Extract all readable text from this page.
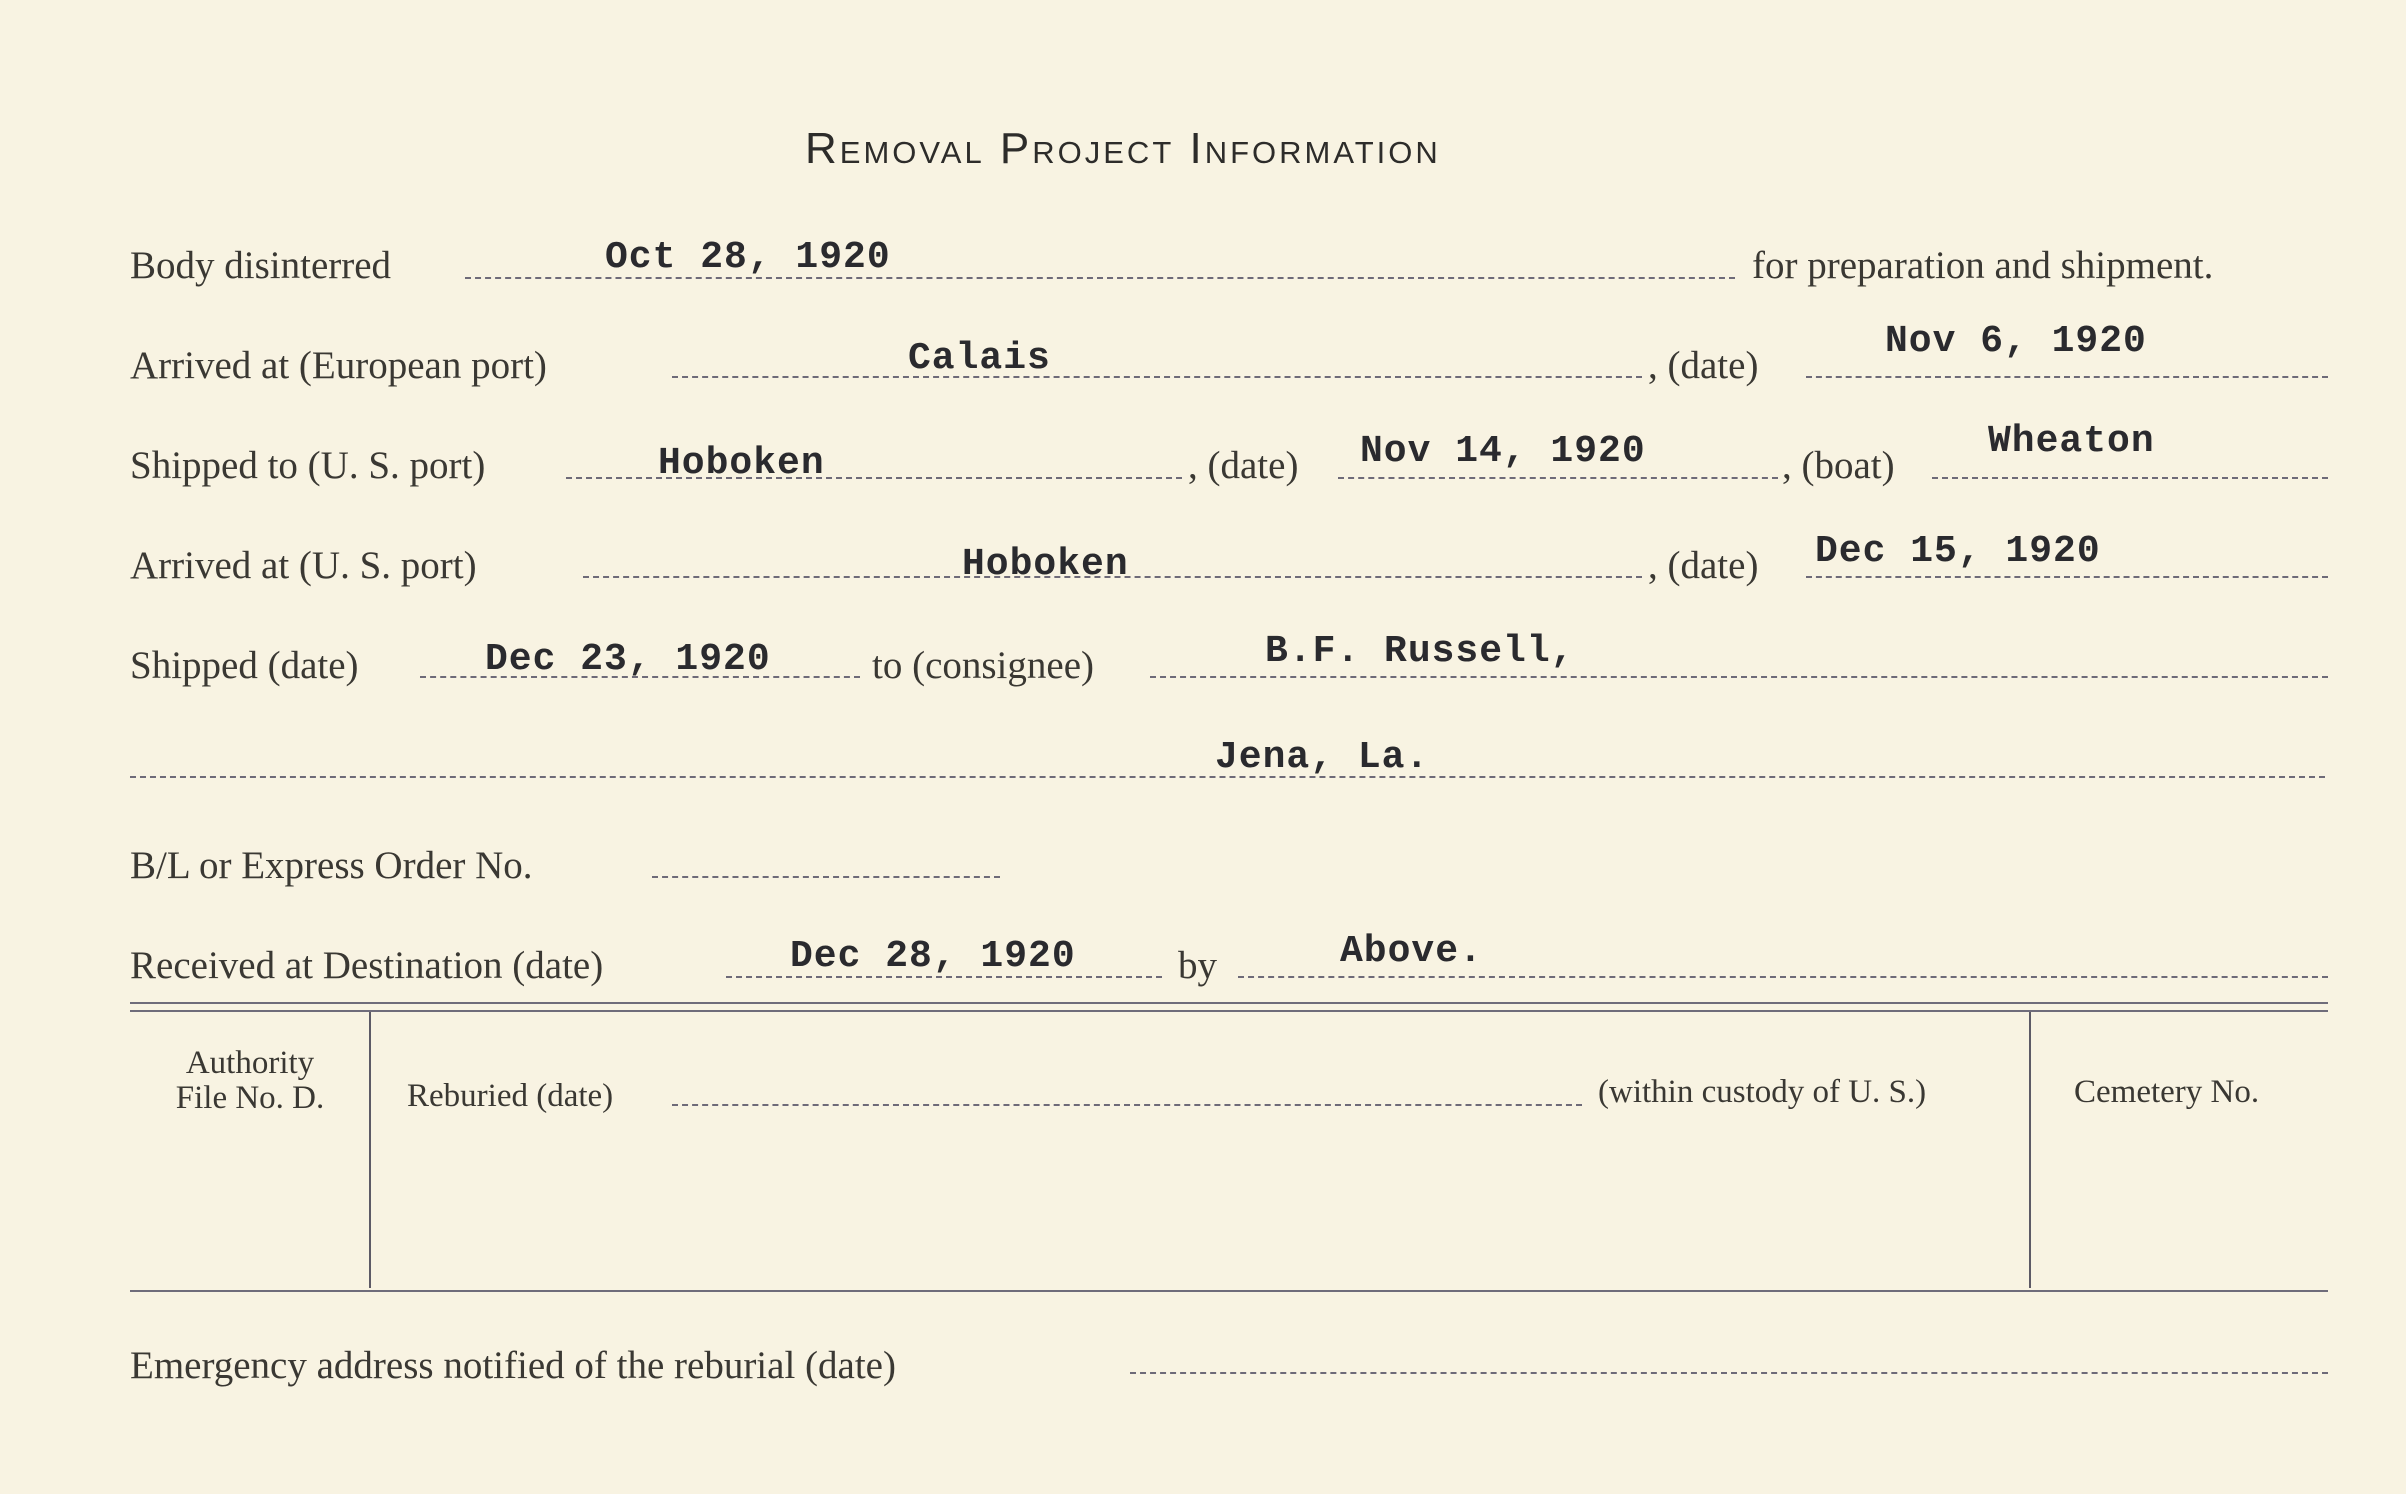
Removal Project Information
Body disinterred	Oct 28, 1920	for preparation and shipment.
Arrived at (European port)	Calais	, (date)
Nov 6, 1920
Shipped to (U. S. port)	Hoboken	, (date) Nov 14, 1920	, (boat)
Wheaton
Arrived at (U. S. port)	Hoboken	, (date) Dec 15, 1920
Shipped (date)	Dec 23, 1920	to (consignee)	B.F. Russell,
Jena, La.
B/L or Express Order No.
Received at Destination (date)	Dec 28, 1920	by	Above.
Authority
File No. D.	Reburied (date)	(within custody of U. S.)	Cemetery No.
Emergency address notified of the reburial (date)
